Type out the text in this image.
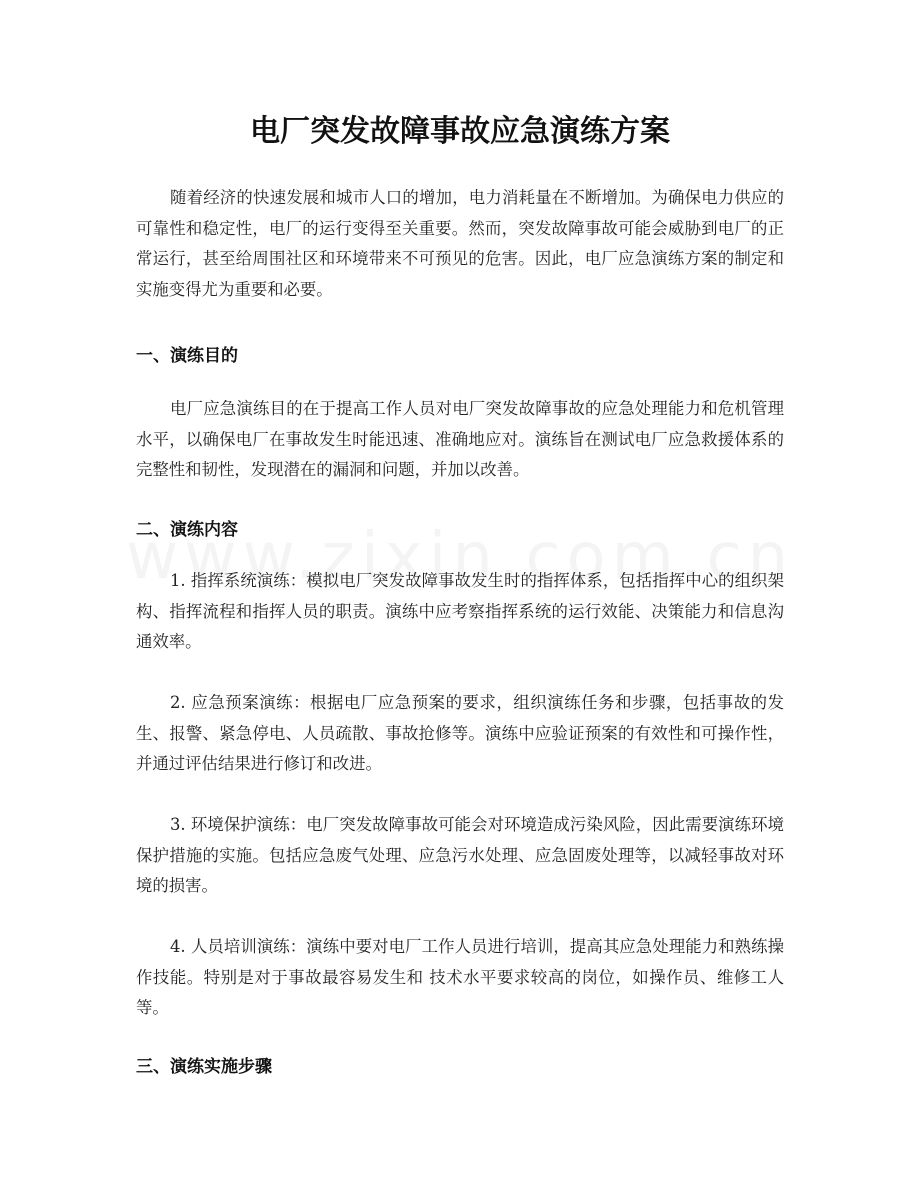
电厂突发故障事故应急演练方案

随着经济的快速发展和城市人口的增加，电力消耗量在不断增加。为确保电力供应的可靠性和稳定性，电厂的运行变得至关重要。然而，突发故障事故可能会威胁到电厂的正常运行，甚至给周围社区和环境带来不可预见的危害。因此，电厂应急演练方案的制定和实施变得尤为重要和必要。

一、演练目的

电厂应急演练目的在于提高工作人员对电厂突发故障事故的应急处理能力和危机管理水平，以确保电厂在事故发生时能迅速、准确地应对。演练旨在测试电厂应急救援体系的完整性和韧性，发现潜在的漏洞和问题，并加以改善。

二、演练内容

1. 指挥系统演练：模拟电厂突发故障事故发生时的指挥体系，包括指挥中心的组织架构、指挥流程和指挥人员的职责。演练中应考察指挥系统的运行效能、决策能力和信息沟通效率。

2. 应急预案演练：根据电厂应急预案的要求，组织演练任务和步骤，包括事故的发生、报警、紧急停电、人员疏散、事故抢修等。演练中应验证预案的有效性和可操作性，并通过评估结果进行修订和改进。

3. 环境保护演练：电厂突发故障事故可能会对环境造成污染风险，因此需要演练环境保护措施的实施。包括应急废气处理、应急污水处理、应急固废处理等，以减轻事故对环境的损害。

4. 人员培训演练：演练中要对电厂工作人员进行培训，提高其应急处理能力和熟练操作技能。特别是对于事故最容易发生和 技术水平要求较高的岗位，如操作员、维修工人等。

三、演练实施步骤
